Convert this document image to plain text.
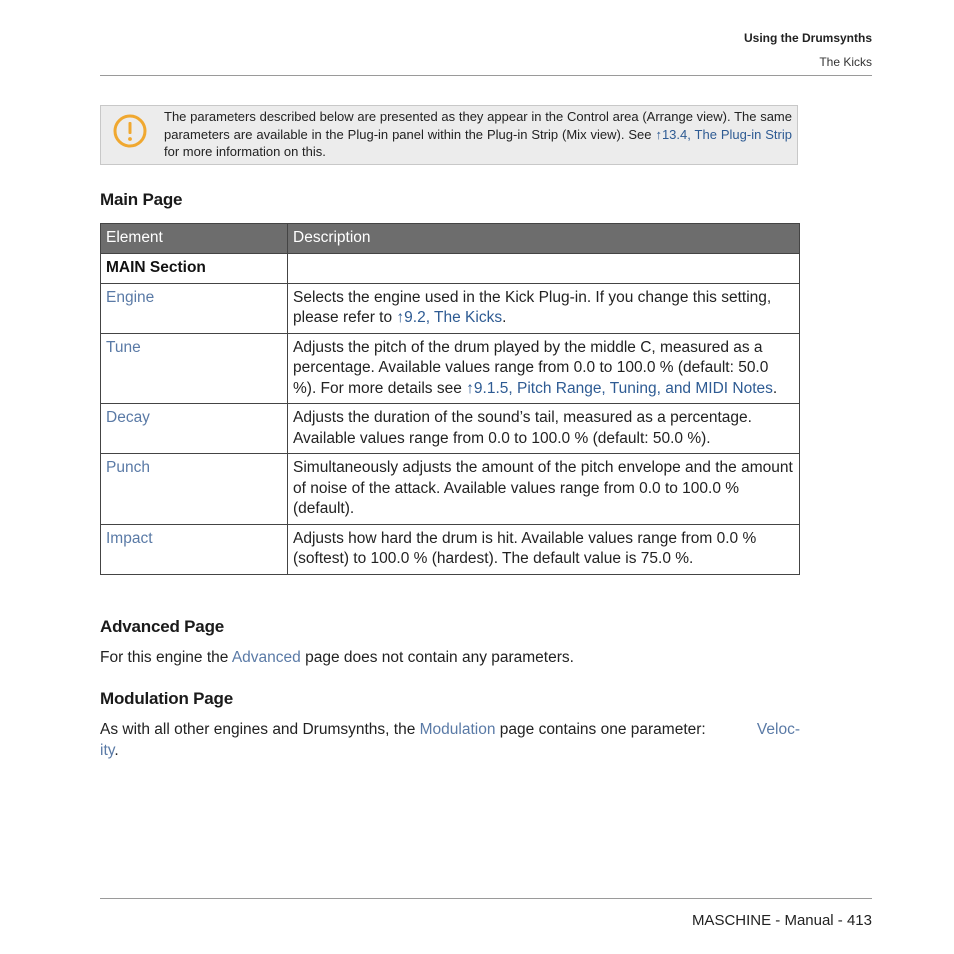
Using the Drumsynths
The Kicks
The parameters described below are presented as they appear in the Control area (Arrange view). The same parameters are available in the Plug-in panel within the Plug-in Strip (Mix view). See ↑13.4, The Plug-in Strip for more information on this.
Main Page
Element	Description
MAIN Section	
Engine	Selects the engine used in the Kick Plug-in. If you change this setting, please refer to ↑9.2, The Kicks.
Tune	Adjusts the pitch of the drum played by the middle C, measured as a percentage. Available values range from 0.0 to 100.0 % (default: 50.0 %). For more details see ↑9.1.5, Pitch Range, Tuning, and MIDI Notes.
Decay	Adjusts the duration of the sound’s tail, measured as a percentage. Available values range from 0.0 to 100.0 % (default: 50.0 %).
Punch	Simultaneously adjusts the amount of the pitch envelope and the amount of noise of the attack. Available values range from 0.0 to 100.0 % (default).
Impact	Adjusts how hard the drum is hit. Available values range from 0.0 % (softest) to 100.0 % (hardest). The default value is 75.0 %.
Advanced Page
For this engine the Advanced page does not contain any parameters.
Modulation Page
As with all other engines and Drumsynths, the Modulation page contains one parameter:	Veloc-

ity.
MASCHINE - Manual - 413
